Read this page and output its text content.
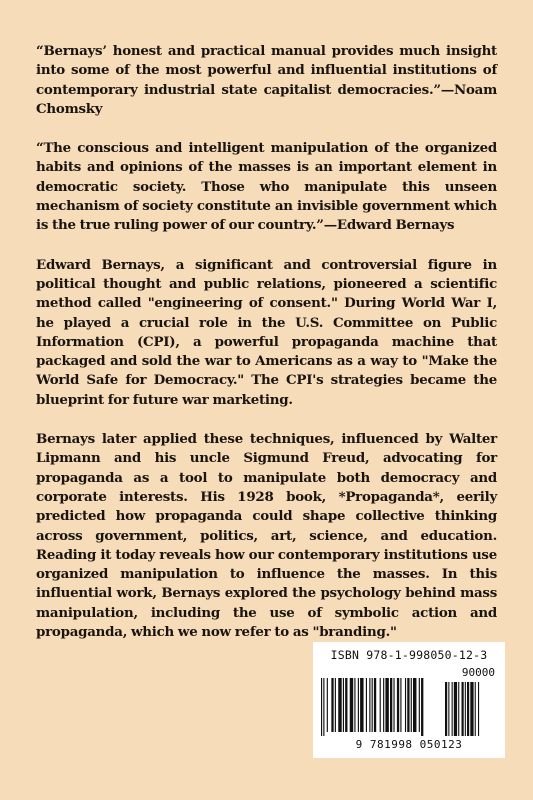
“Bernays’ honest and practical manual provides much insight into some of the most powerful and influential institutions of contemporary industrial state capitalist democracies.”—Noam Chomsky

“The conscious and intelligent manipulation of the organized habits and opinions of the masses is an important element in democratic society. Those who manipulate this unseen mechanism of society constitute an invisible government which is the true ruling power of our country.”—Edward Bernays

Edward Bernays, a significant and controversial figure in political thought and public relations, pioneered a scientific method called "engineering of consent." During World War I, he played a crucial role in the U.S. Committee on Public Information (CPI), a powerful propaganda machine that packaged and sold the war to Americans as a way to "Make the World Safe for Democracy." The CPI's strategies became the blueprint for future war marketing.

Bernays later applied these techniques, influenced by Walter Lipmann and his uncle Sigmund Freud, advocating for propaganda as a tool to manipulate both democracy and corporate interests. His 1928 book, *Propaganda*, eerily predicted how propaganda could shape collective thinking across government, politics, art, science, and education. Reading it today reveals how our contemporary institutions use organized manipulation to influence the masses. In this influential work, Bernays explored the psychology behind mass manipulation, including the use of symbolic action and propaganda, which we now refer to as "branding."

ISBN 978-1-998050-12-3
90000
9 781998 050123
